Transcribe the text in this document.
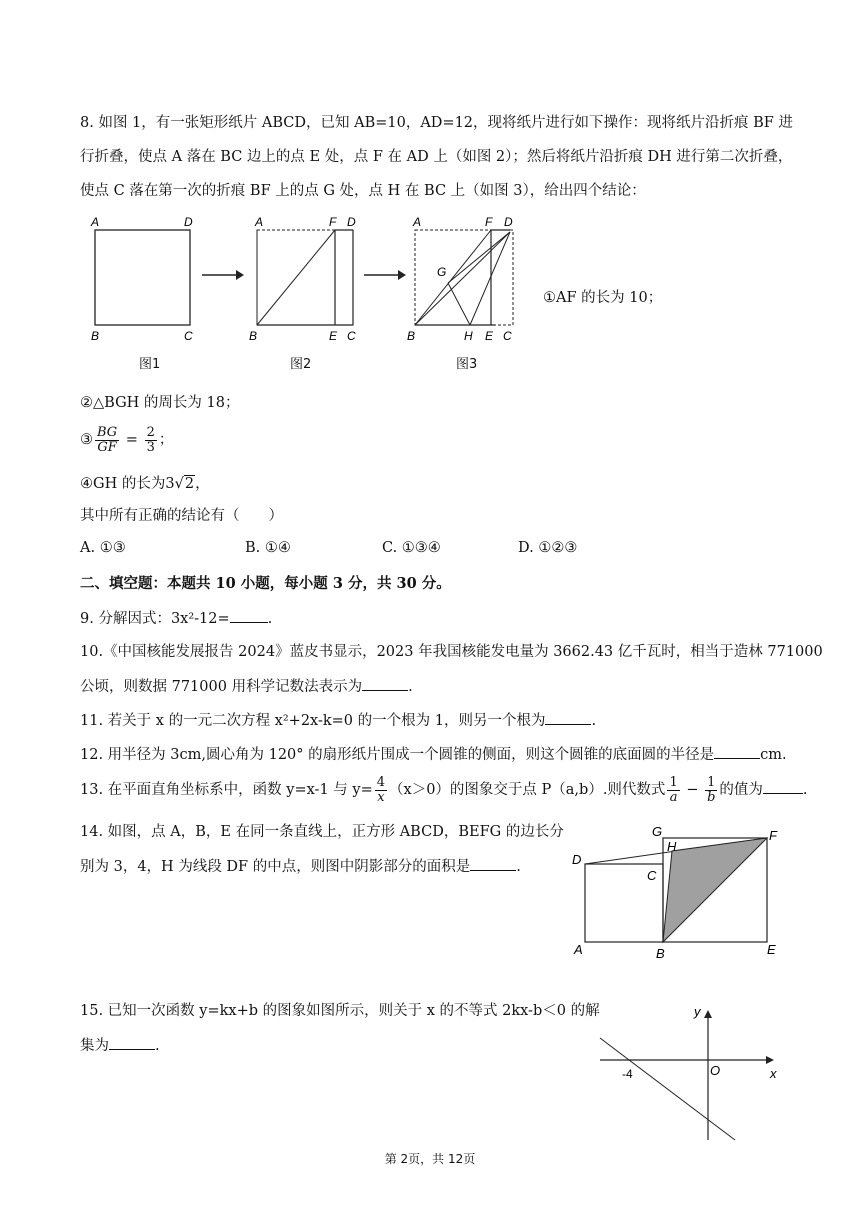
8. 如图 1，有一张矩形纸片 ABCD，已知 AB=10，AD=12，现将纸片进行如下操作：现将纸片沿折痕 BF 进
行折叠，使点 A 落在 BC 边上的点 E 处，点 F 在 AD 上（如图 2）；然后将纸片沿折痕 DH 进行第二次折叠，
使点 C 落在第一次的折痕 BF 上的点 G 处，点 H 在 BC 上（如图 3），给出四个结论：
A	D
B	C
图1
A	F D
B	E C
图2
A	F D
G
B	H E C
图3
①AF 的长为 10；
②△BGH 的周长为 18；
③ $\frac{BG}{GF} = \frac{2}{3}$ ；
④GH 的长为3√2，
其中所有正确的结论有（　　）
A. ①③	B. ①④	C. ①③④	D. ①②③
二、填空题：本题共 10 小题，每小题 3 分，共 30 分。
9. 分解因式：3x²-12=	.
10.《中国核能发展报告 2024》蓝皮书显示，2023 年我国核能发电量为 3662.43 亿千瓦时，相当于造林 771000
公顷，则数据 771000 用科学记数法表示为	.
11. 若关于 x 的一元二次方程 x²+2x-k=0 的一个根为 1，则另一个根为	.
12. 用半径为 3cm,圆心角为 120° 的扇形纸片围成一个圆锥的侧面，则这个圆锥的底面圆的半径是	cm.
13. 在平面直角坐标系中，函数 y=x-1 与 $y= \frac{4}{x} (x>0)$的图象交于点 P（a,b）.则代数式 $\frac{1}{a} - \frac{1}{b}$ 的值为	.
14. 如图，点 A，B，E 在同一条直线上，正方形 ABCD，BEFG 的边长分
别为 3，4，H 为线段 DF 的中点，则图中阴影部分的面积是	.
G
H
F
D
C
A	B	E
15. 已知一次函数 y=kx+b 的图象如图所示，则关于 x 的不等式 2kx-b＜0 的解
集为	.
-4	O	x
y
第 2页，共 12页
